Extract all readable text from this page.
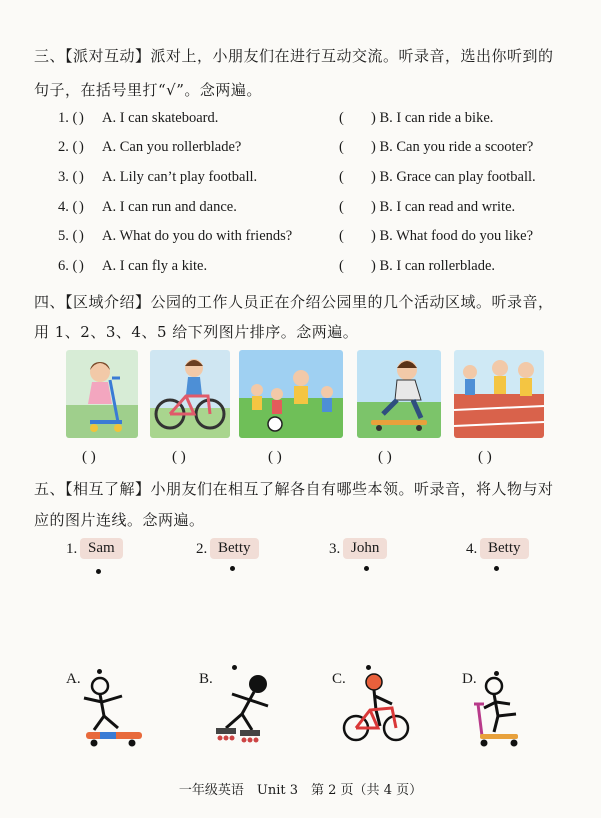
三、【派对互动】派对上，小朋友们在进行互动交流。听录音，选出你听到的
句子，在括号里打“√”。念两遍。
1. ( ) A. I can skateboard.	( ) B. I can ride a bike.
2. ( ) A. Can you rollerblade?	( ) B. Can you ride a scooter?
3. ( ) A. Lily can’t play football.	( ) B. Grace can play football.
4. ( ) A. I can run and dance.	( ) B. I can read and write.
5. ( ) A. What do you do with friends?	( ) B. What food do you like?
6. ( ) A. I can fly a kite.	( ) B. I can rollerblade.
四、【区域介绍】公园的工作人员正在介绍公园里的几个活动区域。听录音，
用 1、2、3、4、5 给下列图片排序。念两遍。
( )	( )	( )	( )	( )
五、【相互了解】小朋友们在相互了解各自有哪些本领。听录音，将人物与对
应的图片连线。念两遍。
1. Sam	2. Betty	3. John	4. Betty
A.	B.	C.	D.
一年级英语　Unit 3　第 2 页（共 4 页）
